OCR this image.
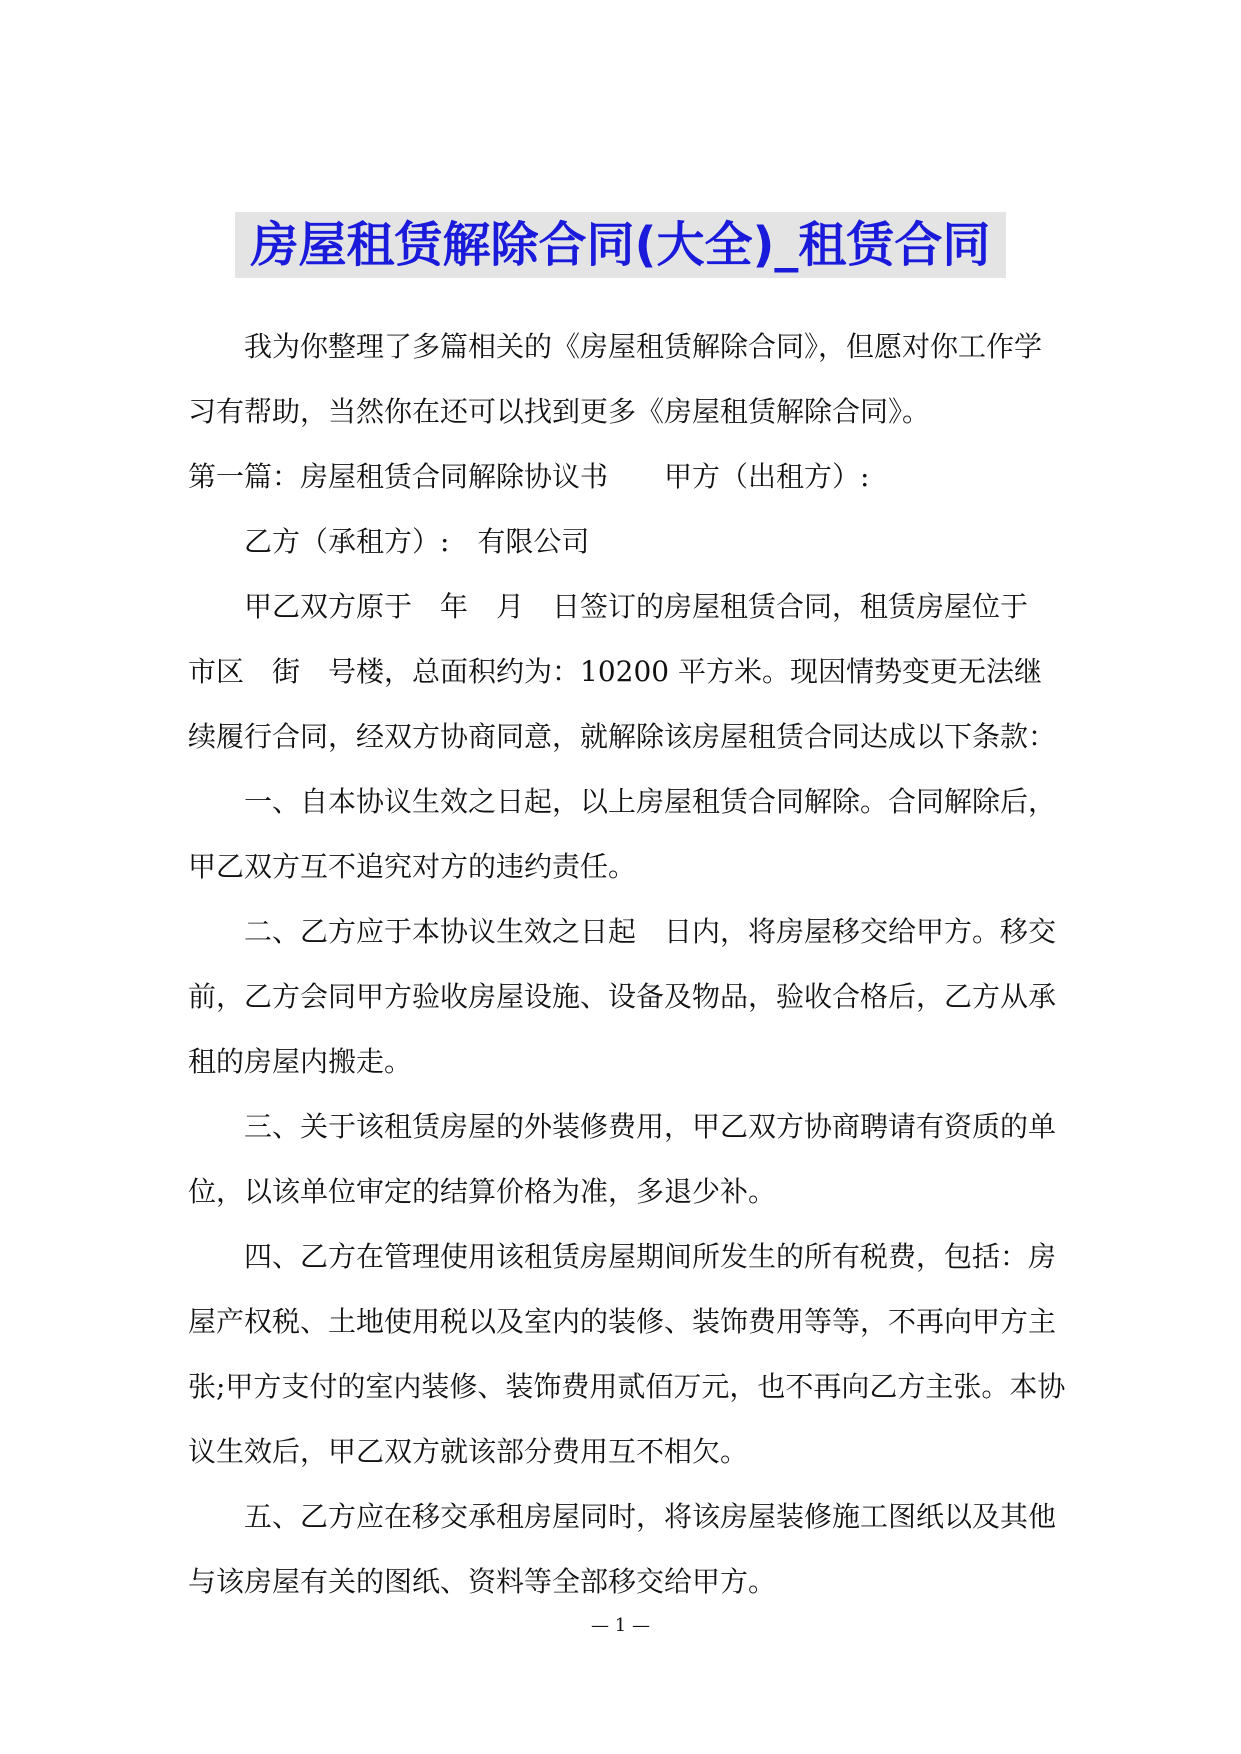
房屋租赁解除合同(大全)_租赁合同

我为你整理了多篇相关的《房屋租赁解除合同》，但愿对你工作学习有帮助，当然你在还可以找到更多《房屋租赁解除合同》。

第一篇：房屋租赁合同解除协议书　　甲方（出租方）:

乙方（承租方）:　有限公司

甲乙双方原于　年　月　日签订的房屋租赁合同，租赁房屋位于　市区　街　号楼，总面积约为：10200 平方米。现因情势变更无法继续履行合同，经双方协商同意，就解除该房屋租赁合同达成以下条款：

一、自本协议生效之日起，以上房屋租赁合同解除。合同解除后，甲乙双方互不追究对方的违约责任。

二、乙方应于本协议生效之日起　日内，将房屋移交给甲方。移交前，乙方会同甲方验收房屋设施、设备及物品，验收合格后，乙方从承租的房屋内搬走。

三、关于该租赁房屋的外装修费用，甲乙双方协商聘请有资质的单位，以该单位审定的结算价格为准，多退少补。

四、乙方在管理使用该租赁房屋期间所发生的所有税费，包括：房屋产权税、土地使用税以及室内的装修、装饰费用等等，不再向甲方主张;甲方支付的室内装修、装饰费用贰佰万元，也不再向乙方主张。本协议生效后，甲乙双方就该部分费用互不相欠。

五、乙方应在移交承租房屋同时，将该房屋装修施工图纸以及其他与该房屋有关的图纸、资料等全部移交给甲方。

— 1 —
